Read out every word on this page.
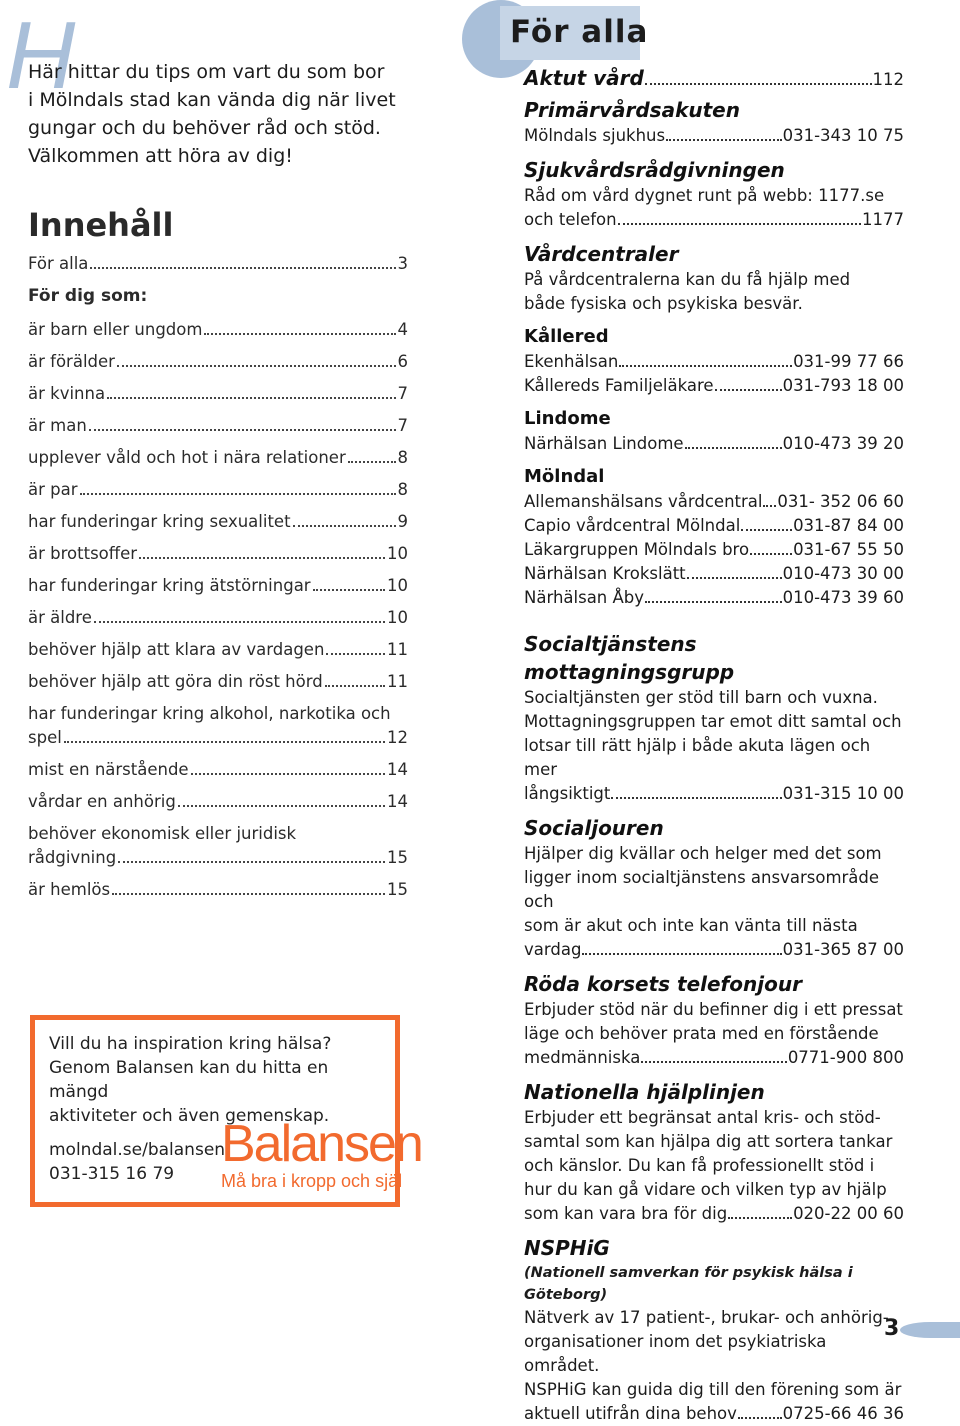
H
Här hittar du tips om vart du som bor
i Mölndals stad kan vända dig när livet
gungar och du behöver råd och stöd.
Välkommen att höra av dig!
Innehåll
För alla	3
För dig som:
är barn eller ungdom	4
är förälder	6
är kvinna	7
är man	7
upplever våld och hot i nära relationer	8
är par	8
har funderingar kring sexualitet	9
är brottsoffer	10
har funderingar kring ätstörningar	10
är äldre	10
behöver hjälp att klara av vardagen	11
behöver hjälp att göra din röst hörd	11
har funderingar kring alkohol, narkotika och
spel	12
mist en närstående	14
vårdar en anhörig	14
behöver ekonomisk eller juridisk
rådgivning	15
är hemlös	15
Vill du ha inspiration kring hälsa?
Genom Balansen kan du hitta en mängd
aktiviteter och även gemenskap.
molndal.se/balansen
031-315 16 79
Balansen
Må bra i kropp och själ
För alla
Aktut vård	112
Primärvårdsakuten
Mölndals sjukhus	031-343 10 75
Sjukvårdsrådgivningen
Råd om vård dygnet runt på webb: 1177.se
och telefon	1177
Vårdcentraler
På vårdcentralerna kan du få hjälp med
både fysiska och psykiska besvär.
Kållered
Ekenhälsan	031-99 77 66
Kållereds Familjeläkare	031-793 18 00
Lindome
Närhälsan Lindome	010-473 39 20
Mölndal
Allemanshälsans vårdcentral 031- 352 06 60
Capio vårdcentral Mölndal	031-87 84 00
Läkargruppen Mölndals bro	031-67 55 50
Närhälsan Krokslätt	010-473 30 00
Närhälsan Åby	010-473 39 60
Socialtjänstens mottagningsgrupp
Socialtjänsten ger stöd till barn och vuxna.
Mottagningsgruppen tar emot ditt samtal och
lotsar till rätt hjälp i både akuta lägen och mer
långsiktigt	031-315 10 00
Socialjouren
Hjälper dig kvällar och helger med det som
ligger inom socialtjänstens ansvarsområde och
som är akut och inte kan vänta till nästa
vardag	031-365 87 00
Röda korsets telefonjour
Erbjuder stöd när du befinner dig i ett pressat
läge och behöver prata med en förstående
medmänniska	0771-900 800
Nationella hjälplinjen
Erbjuder ett begränsat antal kris- och stöd-
samtal som kan hjälpa dig att sortera tankar
och känslor. Du kan få professionellt stöd i
hur du kan gå vidare och vilken typ av hjälp
som kan vara bra för dig	020-22 00 60
NSPHiG
(Nationell samverkan för psykisk hälsa i Göteborg)
Nätverk av 17 patient-, brukar- och anhörig-
organisationer inom det psykiatriska området.
NSPHiG kan guida dig till den förening som är
aktuell utifrån dina behov	0725-66 46 36
3
